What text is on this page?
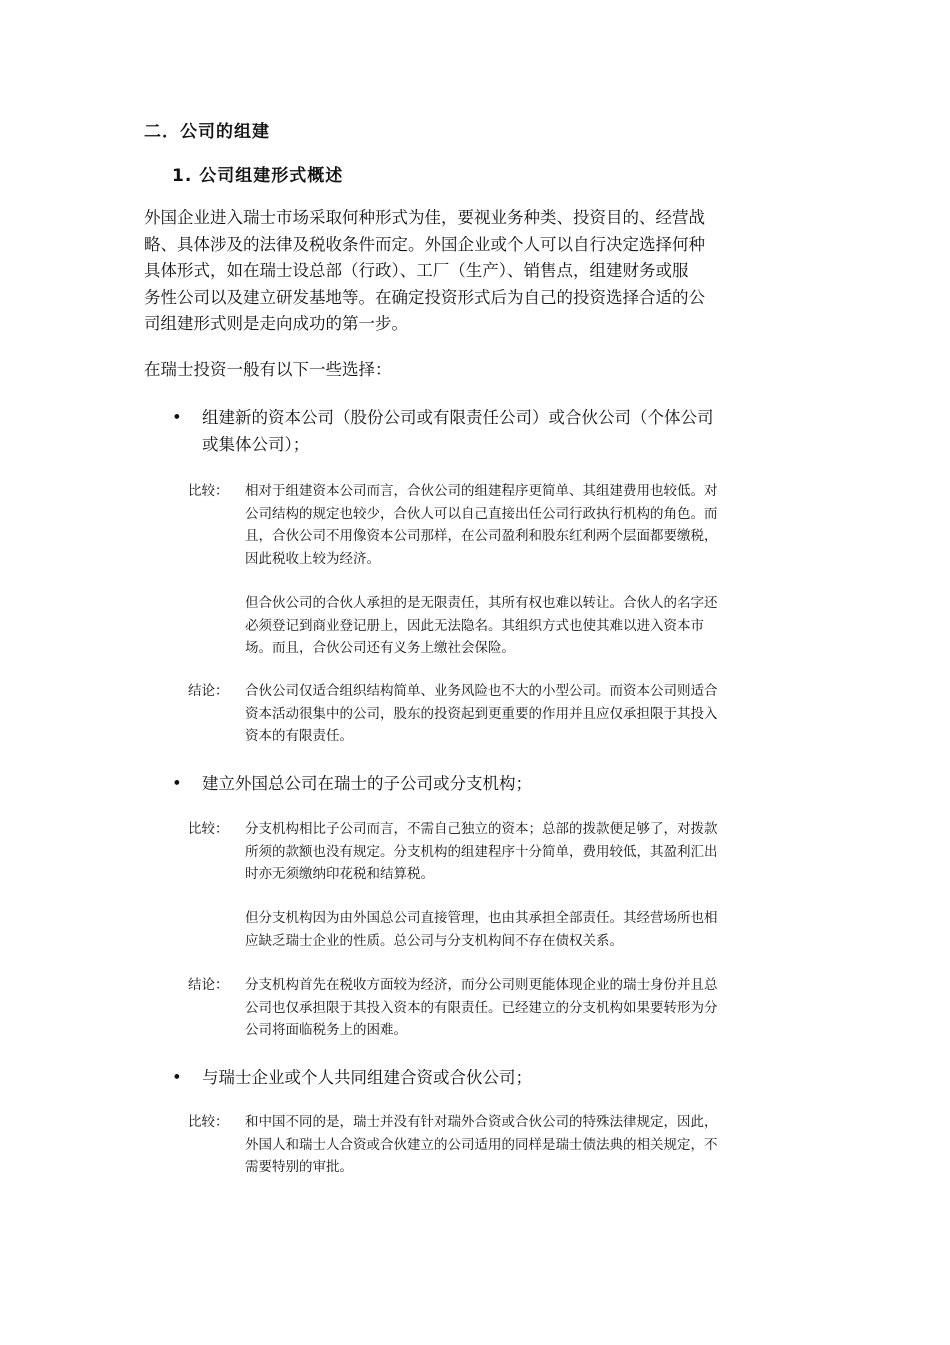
二．公司的组建
1. 公司组建形式概述

外国企业进入瑞士市场采取何种形式为佳，要视业务种类、投资目的、经营战
略、具体涉及的法律及税收条件而定。外国企业或个人可以自行决定选择何种
具体形式，如在瑞士设总部（行政）、工厂（生产）、销售点，组建财务或服
务性公司以及建立研发基地等。在确定投资形式后为自己的投资选择合适的公
司组建形式则是走向成功的第一步。

在瑞士投资一般有以下一些选择：

•	组建新的资本公司（股份公司或有限责任公司）或合伙公司（个体公司
或集体公司）；
比较：	相对于组建资本公司而言，合伙公司的组建程序更简单、其组建费用也较低。对
公司结构的规定也较少，合伙人可以自己直接出任公司行政执行机构的角色。而
且，合伙公司不用像资本公司那样，在公司盈利和股东红利两个层面都要缴税，
因此税收上较为经济。
但合伙公司的合伙人承担的是无限责任，其所有权也难以转让。合伙人的名字还
必须登记到商业登记册上，因此无法隐名。其组织方式也使其难以进入资本市
场。而且，合伙公司还有义务上缴社会保险。
结论：	合伙公司仅适合组织结构简单、业务风险也不大的小型公司。而资本公司则适合
资本活动很集中的公司，股东的投资起到更重要的作用并且应仅承担限于其投入
资本的有限责任。
•	建立外国总公司在瑞士的子公司或分支机构；
比较：	分支机构相比子公司而言，不需自己独立的资本；总部的拨款便足够了，对拨款
所须的款额也没有规定。分支机构的组建程序十分简单，费用较低，其盈利汇出
时亦无须缴纳印花税和结算税。
但分支机构因为由外国总公司直接管理，也由其承担全部责任。其经营场所也相
应缺乏瑞士企业的性质。总公司与分支机构间不存在债权关系。
结论：	分支机构首先在税收方面较为经济，而分公司则更能体现企业的瑞士身份并且总
公司也仅承担限于其投入资本的有限责任。已经建立的分支机构如果要转形为分
公司将面临税务上的困难。
•	与瑞士企业或个人共同组建合资或合伙公司；
比较：	和中国不同的是，瑞士并没有针对瑞外合资或合伙公司的特殊法律规定，因此，
外国人和瑞士人合资或合伙建立的公司适用的同样是瑞士债法典的相关规定，不
需要特别的审批。
